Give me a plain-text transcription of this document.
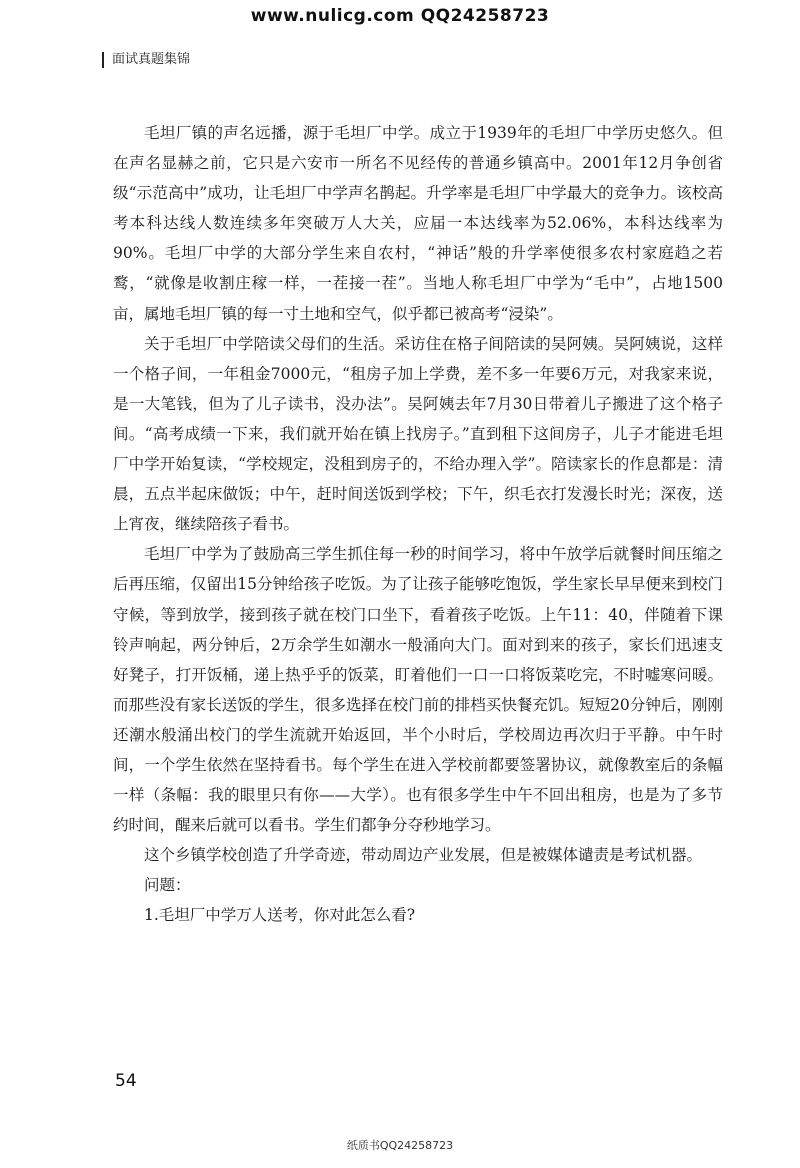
www.nulicg.com QQ24258723
面试真题集锦

毛坦厂镇的声名远播，源于毛坦厂中学。成立于1939年的毛坦厂中学历史悠久。但在声名显赫之前，它只是六安市一所名不见经传的普通乡镇高中。2001年12月争创省级“示范高中”成功，让毛坦厂中学声名鹊起。升学率是毛坦厂中学最大的竞争力。该校高考本科达线人数连续多年突破万人大关，应届一本达线率为52.06%，本科达线率为90%。毛坦厂中学的大部分学生来自农村，“神话”般的升学率使很多农村家庭趋之若鹜，“就像是收割庄稼一样，一茬接一茬”。当地人称毛坦厂中学为“毛中”，占地1500亩，属地毛坦厂镇的每一寸土地和空气，似乎都已被高考“浸染”。

关于毛坦厂中学陪读父母们的生活。采访住在格子间陪读的吴阿姨。吴阿姨说，这样一个格子间，一年租金7000元，“租房子加上学费，差不多一年要6万元，对我家来说，是一大笔钱，但为了儿子读书，没办法”。吴阿姨去年7月30日带着儿子搬进了这个格子间。“高考成绩一下来，我们就开始在镇上找房子。”直到租下这间房子，儿子才能进毛坦厂中学开始复读，“学校规定，没租到房子的，不给办理入学”。陪读家长的作息都是：清晨，五点半起床做饭；中午，赶时间送饭到学校；下午，织毛衣打发漫长时光；深夜，送上宵夜，继续陪孩子看书。

毛坦厂中学为了鼓励高三学生抓住每一秒的时间学习，将中午放学后就餐时间压缩之后再压缩，仅留出15分钟给孩子吃饭。为了让孩子能够吃饱饭，学生家长早早便来到校门守候，等到放学，接到孩子就在校门口坐下，看着孩子吃饭。上午11：40，伴随着下课铃声响起，两分钟后，2万余学生如潮水一般涌向大门。面对到来的孩子，家长们迅速支好凳子，打开饭桶，递上热乎乎的饭菜，盯着他们一口一口将饭菜吃完，不时嘘寒问暖。而那些没有家长送饭的学生，很多选择在校门前的排档买快餐充饥。短短20分钟后，刚刚还潮水般涌出校门的学生流就开始返回，半个小时后，学校周边再次归于平静。中午时间，一个学生依然在坚持看书。每个学生在进入学校前都要签署协议，就像教室后的条幅一样（条幅：我的眼里只有你——大学）。也有很多学生中午不回出租房，也是为了多节约时间，醒来后就可以看书。学生们都争分夺秒地学习。

这个乡镇学校创造了升学奇迹，带动周边产业发展，但是被媒体谴责是考试机器。

问题：

1.毛坦厂中学万人送考，你对此怎么看?

54
纸质书QQ24258723
